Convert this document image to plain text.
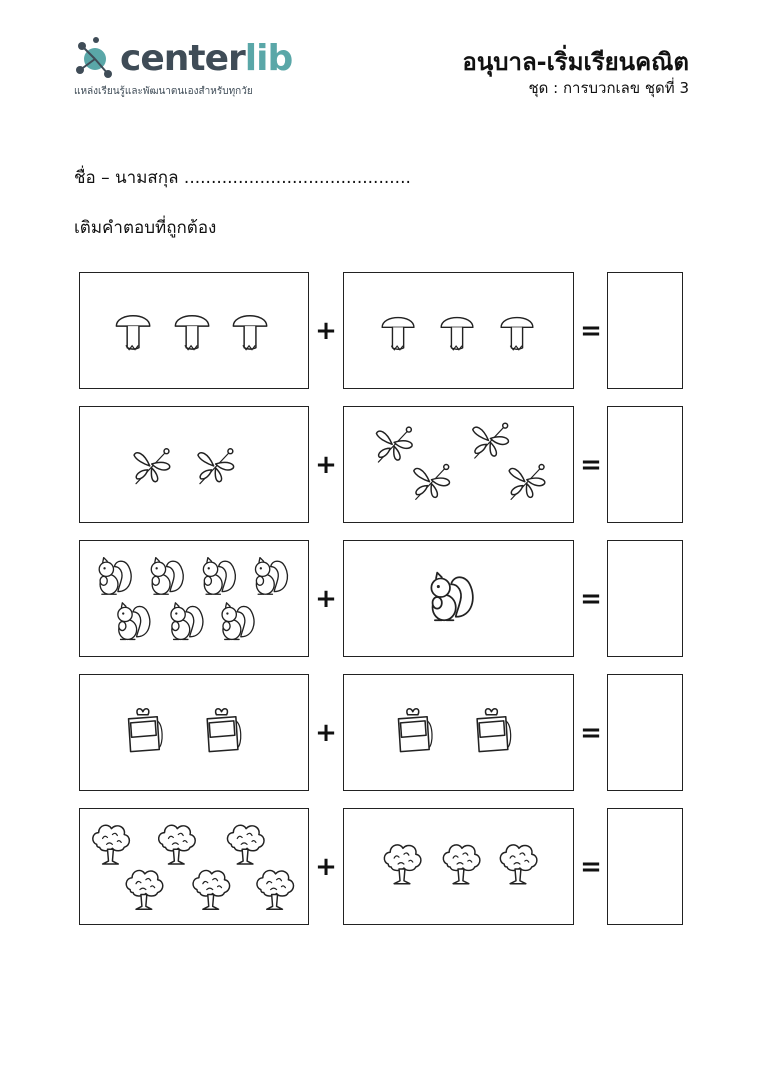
centerlib
แหล่งเรียนรู้และพัฒนาตนเองสำหรับทุกวัย
อนุบาล-เริ่มเรียนคณิต
ชุด : การบวกเลข ชุดที่ 3
ชื่อ – นามสกุล ..........................................
เติมคำตอบที่ถูกต้อง
+	=
+	=
+	=
+	=
+	=
